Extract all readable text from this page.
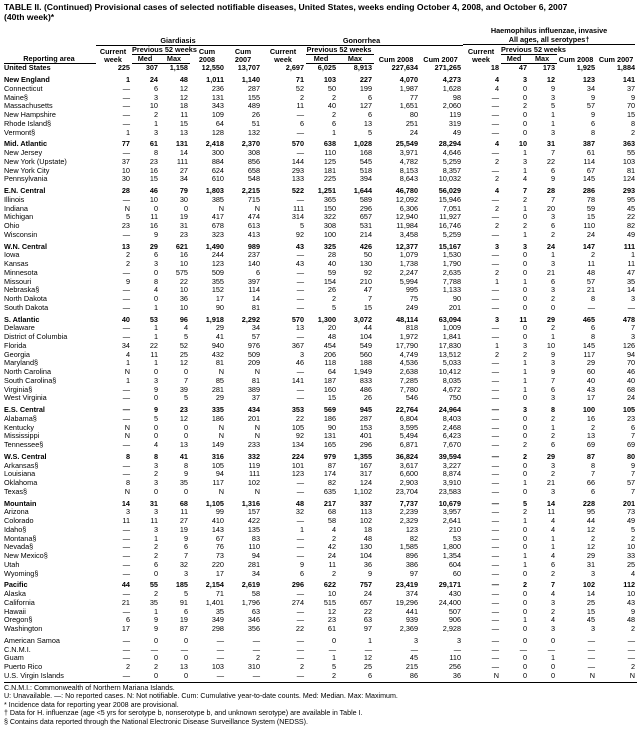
TABLE II. (Continued) Provisional cases of selected notifiable diseases, United States, weeks ending October 4, 2008, and October 6, 2007
(40th week)*
	Giardiasis					Gonorrhea					Haemophilus influenzae, invasive
All ages, all serotypes†				

	Current week	Previous 52 weeks		Cum 2008	Cum 2007	Current week	Previous 52 weeks		Cum 2008	Cum 2007	Current week	Previous 52 weeks		Cum 2008	Cum 2007
Reporting area		Med	Max				Med	Max				Med	Max		
United States	225	307	1,158	12,550	13,707	2,697	6,025	8,913	227,634	271,265	18	47	173	1,925	1,884
New England	1	24	48	1,011	1,140	71	103	227	4,070	4,273	4	3	12	123	141
Connecticut	—	6	12	236	287	52	50	199	1,987	1,628	4	0	9	34	37
Maine§	—	3	12	131	155	2	2	6	77	98	—	0	3	9	9
Massachusetts	—	10	18	343	489	11	40	127	1,651	2,060	—	2	5	57	70
New Hampshire	—	2	11	109	26	—	2	6	80	119	—	0	1	9	15
Rhode Island§	—	1	15	64	51	6	6	13	251	319	—	0	1	6	8
Vermont§	1	3	13	128	132	—	1	5	24	49	—	0	3	8	2
Mid. Atlantic	77	61	131	2,418	2,370	570	638	1,028	25,549	28,294	4	10	31	387	363
New Jersey	—	8	14	300	308	—	110	168	3,971	4,646	—	1	7	61	55
New York (Upstate)	37	23	111	884	856	144	125	545	4,782	5,259	2	3	22	114	103
New York City	10	16	27	624	658	293	181	518	8,153	8,357	—	1	6	67	81
Pennsylvania	30	15	34	610	548	133	225	394	8,643	10,032	2	4	9	145	124
E.N. Central	28	46	79	1,803	2,215	522	1,251	1,644	46,780	56,029	4	7	28	286	293
Illinois	—	10	30	385	715	—	365	589	12,092	15,946	—	2	7	78	95
Indiana	N	0	0	N	N	111	150	296	6,306	7,051	2	1	20	59	45
Michigan	5	11	19	417	474	314	322	657	12,940	11,927	—	0	3	15	22
Ohio	23	16	31	678	613	5	308	531	11,984	16,746	2	2	6	110	82
Wisconsin	—	9	23	323	413	92	100	214	3,458	5,259	—	1	2	24	49
W.N. Central	13	29	621	1,490	989	43	325	426	12,377	15,167	3	3	24	147	111
Iowa	2	6	16	244	237	—	28	50	1,079	1,530	—	0	1	2	1
Kansas	2	3	10	123	140	43	40	130	1,738	1,790	—	0	3	11	11
Minnesota	—	0	575	509	6	—	59	92	2,247	2,635	2	0	21	48	47
Missouri	9	8	22	355	397	—	154	210	5,994	7,788	1	1	6	57	35
Nebraska§	—	4	10	152	114	—	26	47	995	1,133	—	0	3	21	14
North Dakota	—	0	36	17	14	—	2	7	75	90	—	0	2	8	3
South Dakota	—	1	10	90	81	—	5	15	249	201	—	0	0	—	—
S. Atlantic	40	53	96	1,918	2,292	570	1,300	3,072	48,114	63,094	3	11	29	465	478
Delaware	—	1	4	29	34	13	20	44	818	1,009	—	0	2	6	7
District of Columbia	—	1	5	41	57	—	48	104	1,972	1,841	—	0	1	8	3
Florida	34	22	52	940	976	367	454	549	17,790	17,830	1	3	10	145	126
Georgia	4	11	25	432	509	3	206	560	4,749	13,512	2	2	9	117	94
Maryland§	1	1	12	81	209	46	118	188	4,536	5,033	—	1	3	29	70
North Carolina	N	0	0	N	N	—	64	1,949	2,638	10,412	—	1	9	60	46
South Carolina§	1	3	7	85	81	141	187	833	7,285	8,035	—	1	7	40	40
Virginia§	—	9	39	281	389	—	160	486	7,780	4,672	—	1	6	43	68
West Virginia	—	0	5	29	37	—	15	26	546	750	—	0	3	17	24
E.S. Central	—	9	23	335	434	353	569	945	22,764	24,964	—	3	8	100	105
Alabama§	—	5	12	186	201	22	186	287	6,804	8,403	—	0	2	16	23
Kentucky	N	0	0	N	N	105	90	153	3,595	2,468	—	0	1	2	6
Mississippi	N	0	0	N	N	92	131	401	5,494	6,423	—	0	2	13	7
Tennessee§	—	4	13	149	233	134	165	296	6,871	7,670	—	2	6	69	69
W.S. Central	8	8	41	316	332	224	979	1,355	36,824	39,594	—	2	29	87	80
Arkansas§	—	3	8	105	119	101	87	167	3,617	3,227	—	0	3	8	9
Louisiana	—	2	9	94	111	123	174	317	6,600	8,874	—	0	2	7	7
Oklahoma	8	3	35	117	102	—	82	124	2,903	3,910	—	1	21	66	57
Texas§	N	0	0	N	N	—	635	1,102	23,704	23,583	—	0	3	6	7
Mountain	14	31	68	1,105	1,316	48	217	337	7,737	10,679	—	5	14	228	201
Arizona	3	3	11	99	157	32	68	113	2,239	3,957	—	2	11	95	73
Colorado	11	11	27	410	422	—	58	102	2,329	2,641	—	1	4	44	49
Idaho§	—	3	19	143	135	1	4	18	123	210	—	0	4	12	5
Montana§	—	1	9	67	83	—	2	48	82	53	—	0	1	2	2
Nevada§	—	2	6	76	110	—	42	130	1,585	1,800	—	0	1	12	10
New Mexico§	—	2	7	73	94	—	24	104	896	1,354	—	1	4	29	33
Utah	—	6	32	220	281	9	11	36	386	604	—	1	6	31	25
Wyoming§	—	0	3	17	34	6	2	9	97	60	—	0	2	3	4
Pacific	44	55	185	2,154	2,619	296	622	757	23,419	29,171	—	2	7	102	112
Alaska	—	2	5	71	58	—	10	24	374	430	—	0	4	14	10
California	21	35	91	1,401	1,796	274	515	657	19,296	24,400	—	0	3	25	43
Hawaii	—	1	6	35	63	—	12	22	441	507	—	0	2	15	9
Oregon§	6	9	19	349	346	—	23	63	939	906	—	1	4	45	48
Washington	17	9	87	298	356	22	61	97	2,369	2,928	—	0	3	3	2
American Samoa	—	0	0	—	—	—	0	1	3	3	—	0	0	—	—
C.N.M.I.	—	—	—	—	—	—	—	—	—	—	—	—	—	—	—
Guam	—	0	0	—	2	—	1	12	45	110	—	0	1	—	—
Puerto Rico	2	2	13	103	310	2	5	25	215	256	—	0	0	—	2
U.S. Virgin Islands	—	0	0	—	—	—	2	6	86	36	N	0	0	N	N
C.N.M.I.: Commonwealth of Northern Mariana Islands.
U: Unavailable. —: No reported cases. N: Not notifiable. Cum: Cumulative year-to-date counts. Med: Median. Max: Maximum.
* Incidence data for reporting year 2008 are provisional.
† Data for H. influenzae (age <5 yrs for serotype b, nonserotype b, and unknown serotype) are available in Table I.
§ Contains data reported through the National Electronic Disease Surveillance System (NEDSS).
